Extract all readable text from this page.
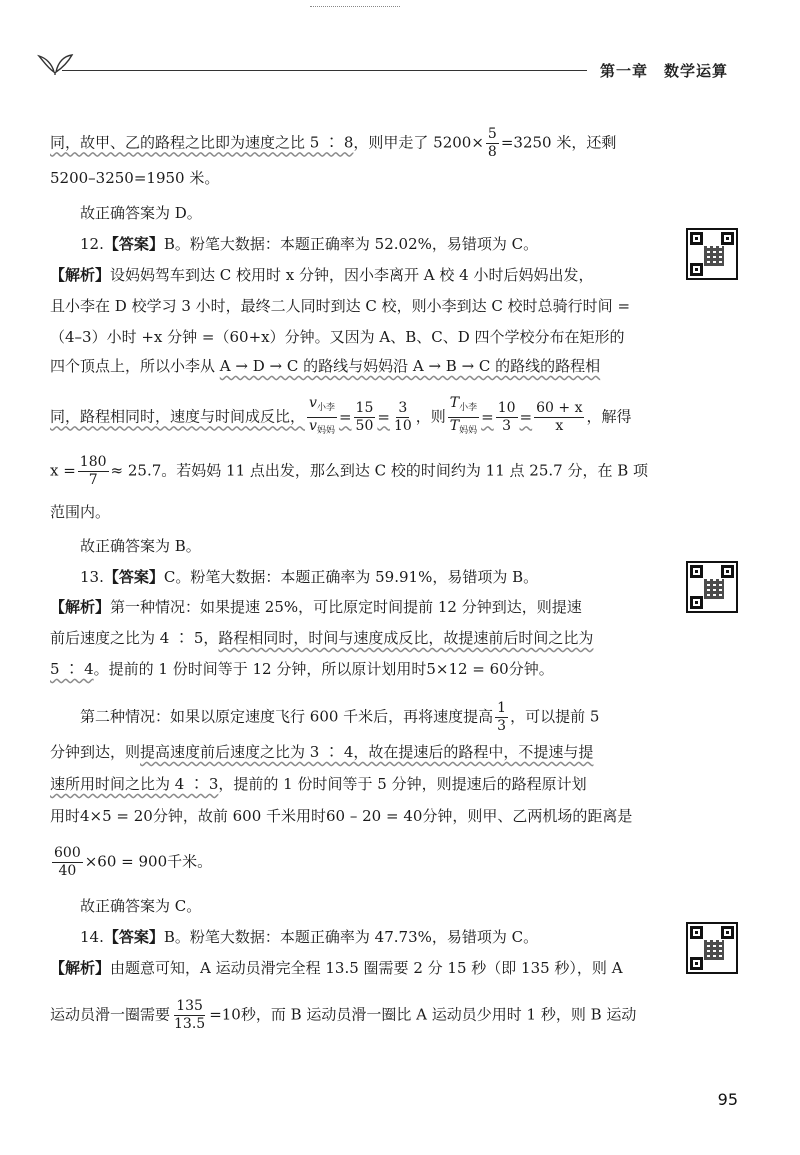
第一章　数学运算
同，故甲、乙的路程之比即为速度之比 5 ∶ 8，则甲走了 $5200\times \frac{5}{8} =3250$ 米，还剩
5200–3250=1950 米。
故正确答案为 D。
12.【答案】B。粉笔大数据：本题正确率为 52.02%，易错项为 C。
【解析】设妈妈驾车到达 C 校用时 x 分钟，因小李离开 A 校 4 小时后妈妈出发，
且小李在 D 校学习 3 小时，最终二人同时到达 C 校，则小李到达 C 校时总骑行时间 =
（4–3）小时 +x 分钟 =（60+x）分钟。又因为 A、B、C、D 四个学校分布在矩形的
四个顶点上，所以小李从 A → D → C 的路线与妈妈沿 A → B → C 的路线的路程相
同，路程相同时，速度与时间成反比， $\frac{v_{小李}}{v_{妈妈}} = \frac{15}{50} = \frac{3}{10}$ ，则 $\frac{T_{小李}}{T_{妈妈}} = \frac{10}{3} = \frac{60 + x}{x}$ ，解得
$x = \frac{180}{7} \approx 25.7$。若妈妈 11 点出发，那么到达 C 校的时间约为 11 点 25.7 分，在 B 项
范围内。
故正确答案为 B。
13.【答案】C。粉笔大数据：本题正确率为 59.91%，易错项为 B。
【解析】第一种情况：如果提速 25%，可比原定时间提前 12 分钟到达，则提速
前后速度之比为 4 ∶ 5，路程相同时，时间与速度成反比，故提速前后时间之比为
5 ∶ 4。提前的 1 份时间等于 12 分钟，所以原计划用时5×12 = 60分钟。
第二种情况：如果以原定速度飞行 600 千米后，再将速度提高 $\frac{1}{3}$ ，可以提前 5
分钟到达，则提高速度前后速度之比为 3 ∶ 4，故在提速后的路程中，不提速与提
速所用时间之比为 4 ∶ 3，提前的 1 份时间等于 5 分钟，则提速后的路程原计划
用时4×5 = 20分钟，故前 600 千米用时60 – 20 = 40分钟，则甲、乙两机场的距离是
$\frac{600}{40} \times 60 = 900$千米。
故正确答案为 C。
14.【答案】B。粉笔大数据：本题正确率为 47.73%，易错项为 C。
【解析】由题意可知，A 运动员滑完全程 13.5 圈需要 2 分 15 秒（即 135 秒），则 A
运动员滑一圈需要 $\frac{135}{13.5} =10$秒，而 B 运动员滑一圈比 A 运动员少用时 1 秒，则 B 运动
95
